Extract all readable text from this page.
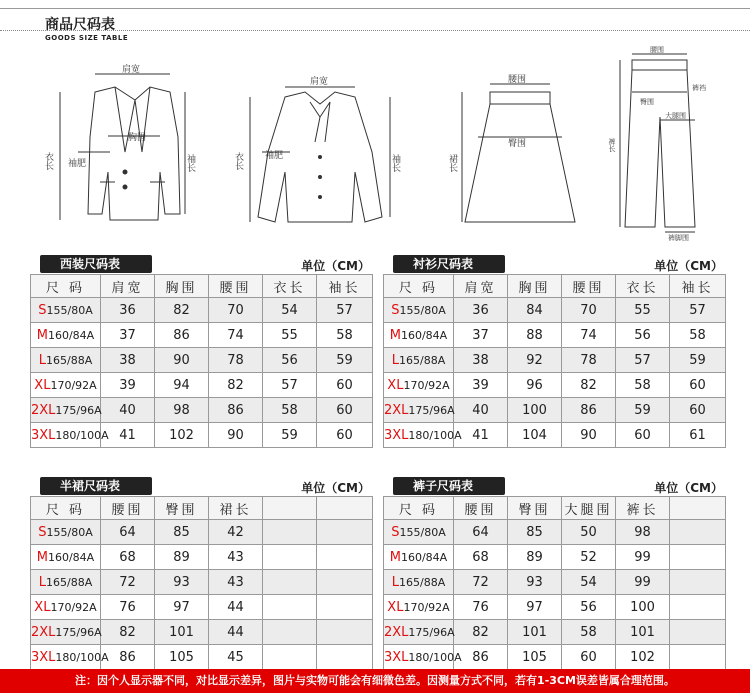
商品尺码表
GOODS SIZE TABLE
肩宽
胸围
衣长	袖长
袖肥
肩宽
衣长	袖长
袖肥
腰围
臀围
裙长
腰围
臀围
裤裆
大腿围
裤长
裤脚围
西装尺码表	单位（CM）
尺 码	肩宽	胸围	腰围	衣长	袖长
S155/80A	36	82	70	54	57
M160/84A	37	86	74	55	58
L165/88A	38	90	78	56	59
XL170/92A	39	94	82	57	60
2XL175/96A	40	98	86	58	60
3XL180/100A	41	102	90	59	60
衬衫尺码表	单位（CM）
尺 码	肩宽	胸围	腰围	衣长	袖长
S155/80A	36	84	70	55	57
M160/84A	37	88	74	56	58
L165/88A	38	92	78	57	59
XL170/92A	39	96	82	58	60
2XL175/96A	40	100	86	59	60
3XL180/100A	41	104	90	60	61
半裙尺码表	单位（CM）
尺 码	腰围	臀围	裙长		
S155/80A	64	85	42		
M160/84A	68	89	43		
L165/88A	72	93	43		
XL170/92A	76	97	44		
2XL175/96A	82	101	44		
3XL180/100A	86	105	45		
裤子尺码表	单位（CM）
尺 码	腰围	臀围	大腿围	裤长	
S155/80A	64	85	50	98	
M160/84A	68	89	52	99	
L165/88A	72	93	54	99	
XL170/92A	76	97	56	100	
2XL175/96A	82	101	58	101	
3XL180/100A	86	105	60	102	
注：因个人显示器不同，对比显示差异，图片与实物可能会有细微色差。因测量方式不同，若有1-3CM误差皆属合理范围。
